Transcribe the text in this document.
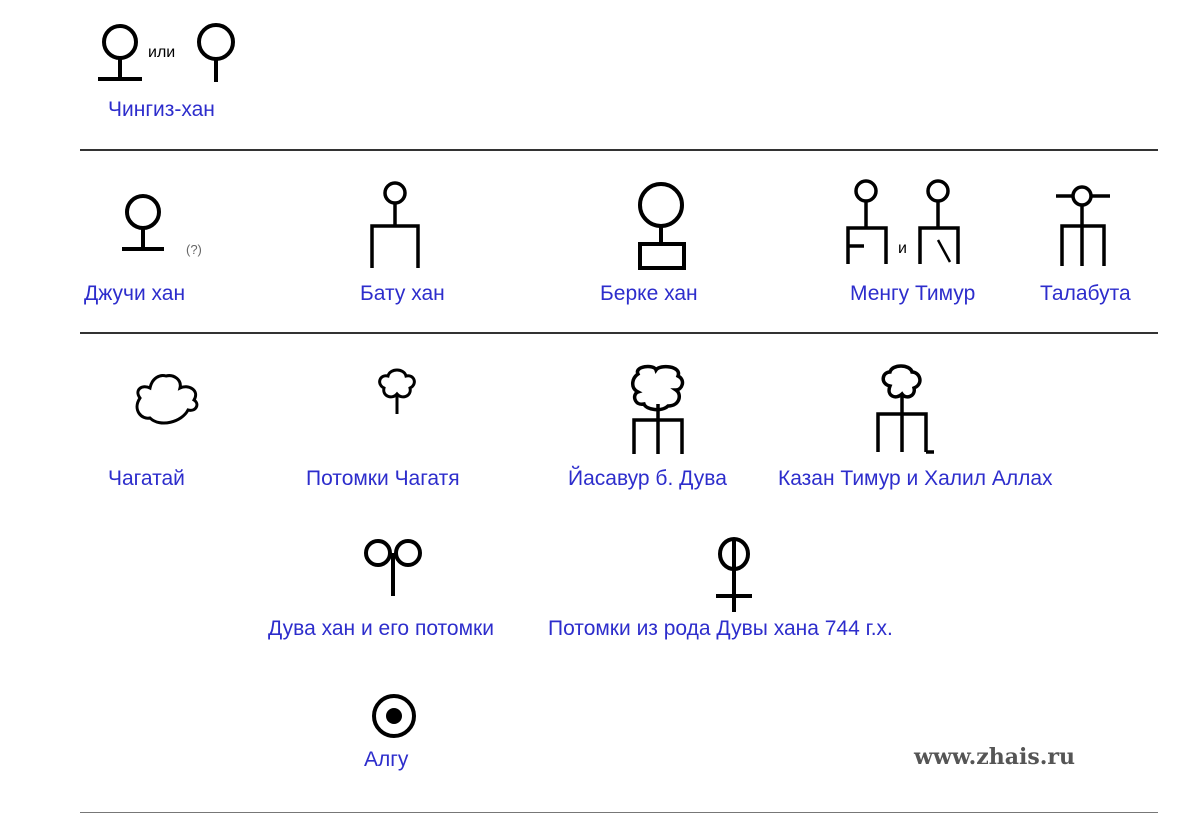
или
Чингиз-хан
(?)
Джучи хан	Бату хан	Берке хан
и
Менгу Тимур	Талабута
Чагатай	Потомки Чагатя	Йасавур б. Дува Казан Тимур и Халил Аллах
Дува хан и его потомки	Потомки из рода Дувы хана 744 г.х.
Алгу	www.zhais.ru
